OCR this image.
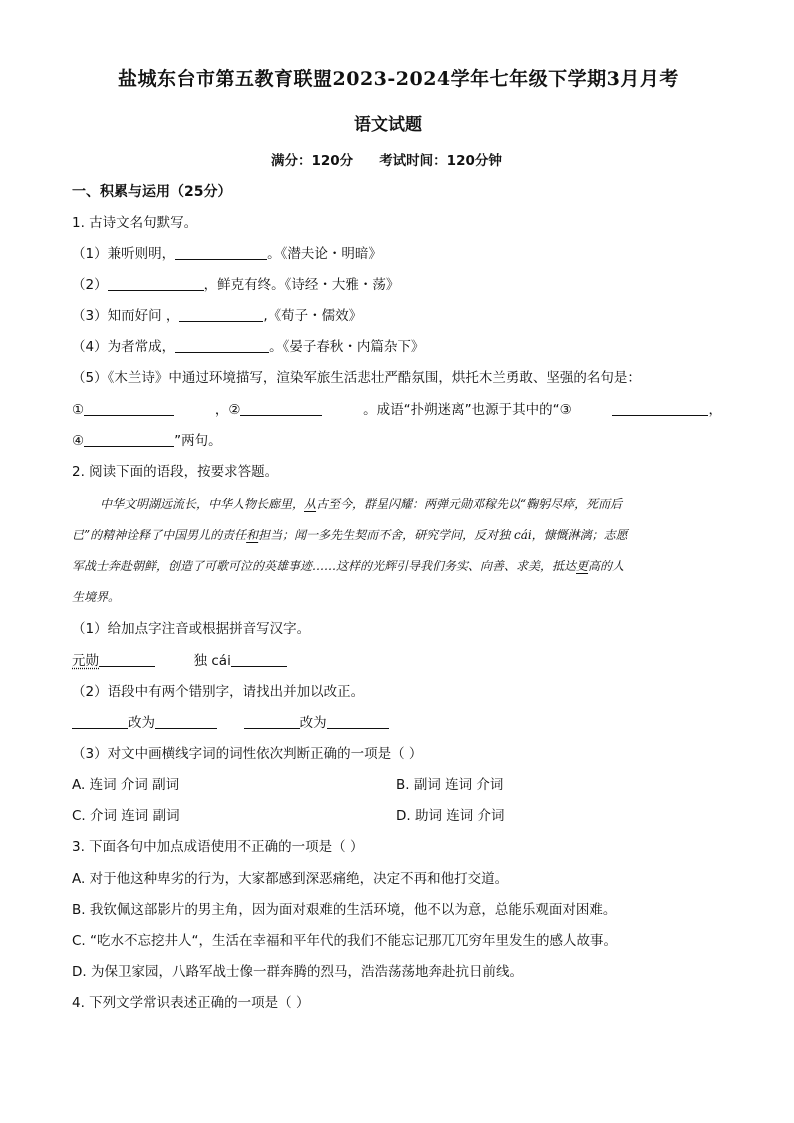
盐城东台市第五教育联盟2023-2024学年七年级下学期3月月考
语文试题
满分：120分 考试时间：120分钟
一、积累与运用（25分）
1. 古诗文名句默写。
（1）兼听则明，	。《潜夫论・明暗》
（2）	，鲜克有终。《诗经・大雅・荡》
（3）知而好问 ，	,《荀子・儒效》
（4）为者常成，	。《晏子春秋・内篇杂下》
（5）《木兰诗》中通过环境描写，渲染军旅生活悲壮严酷氛围，烘托木兰勇敢、坚强的名句是：
①	，②	。成语“扑朔迷离”也源于其中的“③	，
④	”两句。
2. 阅读下面的语段，按要求答题。
中华文明湖远流长，中华人物长廊里，从古至今，群星闪耀：两弹元勋邓稼先以“鞠躬尽瘁，死而后
已”的精神诠释了中国男儿的责任和担当；闻一多先生契而不舍，研究学问，反对独 cái，慷慨淋漓；志愿
军战士奔赴朝鲜，创造了可歌可泣的英雄事迹……这样的光辉引导我们务实、向善、求美，抵达更高的人
生境界。
（1）给加点字注音或根据拼音写汉字。
元勋	独 cái
（2）语段中有两个错别字，请找出并加以改正。
改为	改为
（3）对文中画横线字词的词性依次判断正确的一项是（ ）
A. 连词 介词 副词	B. 副词 连词 介词
C. 介词 连词 副词	D. 助词 连词 介词
3. 下面各句中加点成语使用不正确的一项是（ ）
A. 对于他这种卑劣的行为，大家都感到深恶痛绝，决定不再和他打交道。
B. 我钦佩这部影片的男主角，因为面对艰难的生活环境，他不以为意，总能乐观面对困难。
C. “吃水不忘挖井人“，生活在幸福和平年代的我们不能忘记那兀兀穷年里发生的感人故事。
D. 为保卫家园，八路军战士像一群奔腾的烈马，浩浩荡荡地奔赴抗日前线。
4. 下列文学常识表述正确的一项是（ ）
